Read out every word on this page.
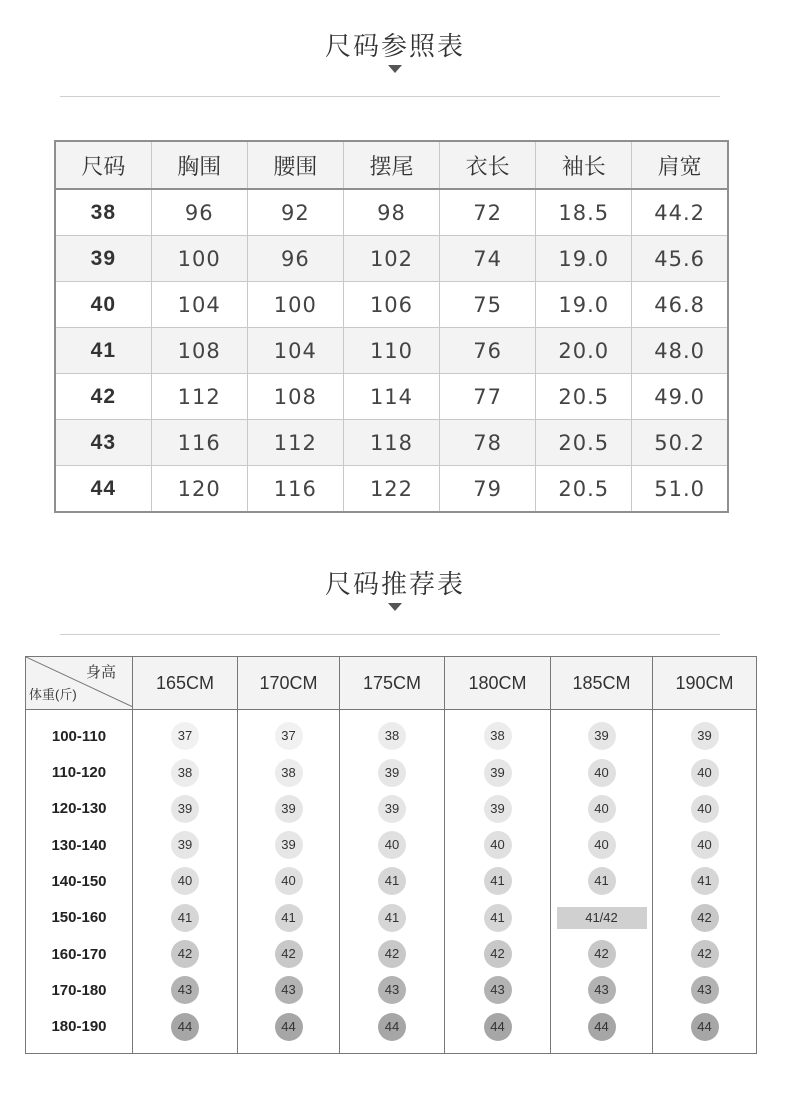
尺码参照表
尺码	胸围	腰围	摆尾	衣长	袖长	肩宽
38	96	92	98	72	18.5	44.2
39	100	96	102	74	19.0	45.6
40	104	100	106	75	19.0	46.8
41	108	104	110	76	20.0	48.0
42	112	108	114	77	20.5	49.0
43	116	112	118	78	20.5	50.2
44	120	116	122	79	20.5	51.0
尺码推荐表
身高
体重(斤)	165CM	170CM	175CM	180CM	185CM	190CM
100-110	37	37	38	38	39	39
110-120	38	38	39	39	40	40
120-130	39	39	39	39	40	40
130-140	39	39	40	40	40	40
140-150	40	40	41	41	41	41
150-160	41	41	41	41	41/42	42
160-170	42	42	42	42	42	42
170-180	43	43	43	43	43	43
180-190	44	44	44	44	44	44
